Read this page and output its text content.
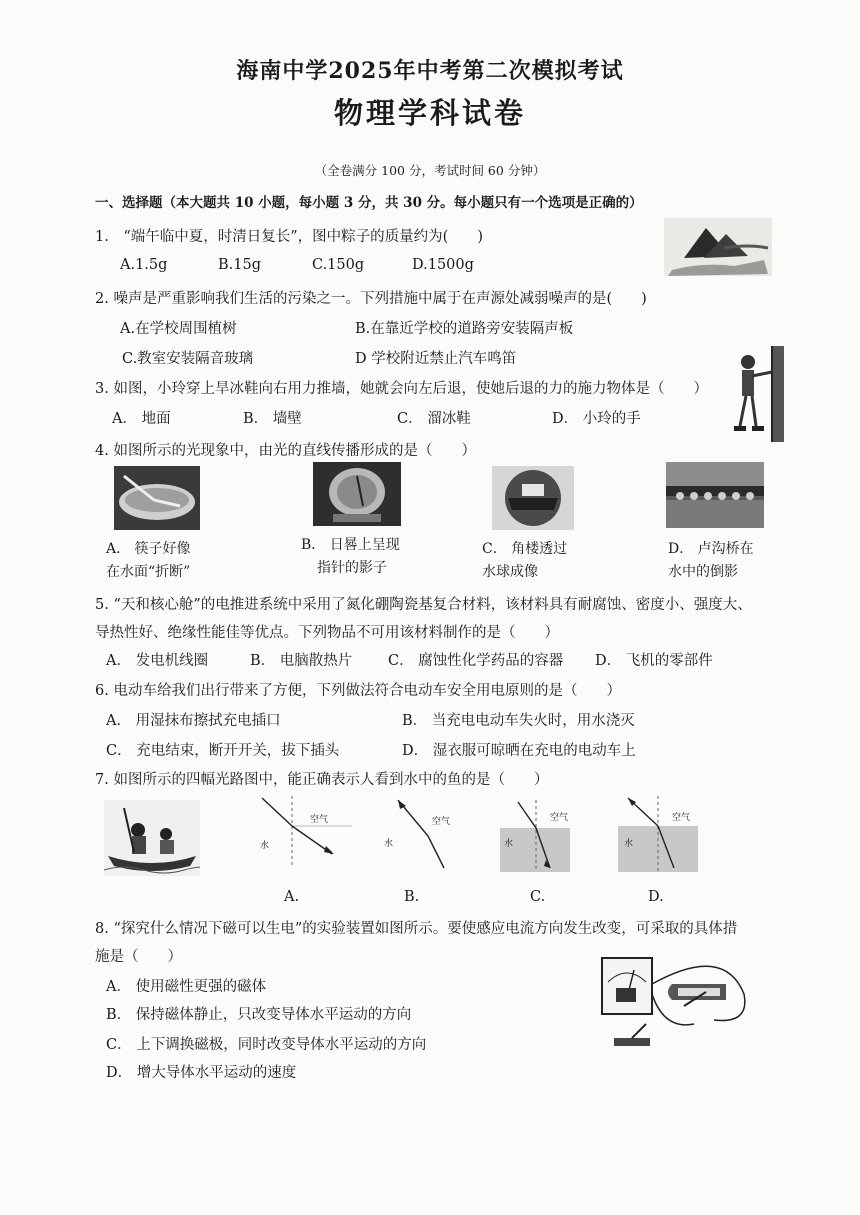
海南中学2025年中考第二次模拟考试
物理学科试卷
（全卷满分 100 分，考试时间 60 分钟）
一、选择题（本大题共 10 小题，每小题 3 分，共 30 分。每小题只有一个选项是正确的）
1.　“端午临中夏，时清日复长”，图中粽子的质量约为(　　)
A.1.5g	B.15g	C.150g	D.1500g
2. 噪声是严重影响我们生活的污染之一。下列措施中属于在声源处减弱噪声的是(　　)
A.在学校周围植树	B.在靠近学校的道路旁安装隔声板
C.教室安装隔音玻璃	D 学校附近禁止汽车鸣笛
3. 如图，小玲穿上旱冰鞋向右用力推墙，她就会向左后退，使她后退的力的施力物体是（　　）
A． 地面	B． 墙壁	C． 溜冰鞋	D． 小玲的手
4. 如图所示的光现象中，由光的直线传播形成的是（　　）
A． 筷子好像
在水面“折断”
B． 日晷上呈现
指针的影子
C． 角楼透过
水球成像
D． 卢沟桥在
水中的倒影
5. “天和核心舱”的电推进系统中采用了氮化硼陶瓷基复合材料，该材料具有耐腐蚀、密度小、强度大、
导热性好、绝缘性能佳等优点。下列物品不可用该材料制作的是（　　）
A． 发电机线圈	B． 电脑散热片 C． 腐蚀性化学药品的容器 D． 飞机的零部件
6. 电动车给我们出行带来了方便，下列做法符合电动车安全用电原则的是（　　）
A． 用湿抹布擦拭充电插口	B． 当充电电动车失火时，用水浇灭
C． 充电结束，断开开关，拔下插头	D． 湿衣服可晾晒在充电的电动车上
7. 如图所示的四幅光路图中，能正确表示人看到水中的鱼的是（　　）
水
空气
水
空气
水
空气
水
空气
A.	B.	C.	D.
8. “探究什么情况下磁可以生电”的实验装置如图所示。要使感应电流方向发生改变，可采取的具体措
施是（　　）
A． 使用磁性更强的磁体
B． 保持磁体静止，只改变导体水平运动的方向
C． 上下调换磁极，同时改变导体水平运动的方向
D． 增大导体水平运动的速度
